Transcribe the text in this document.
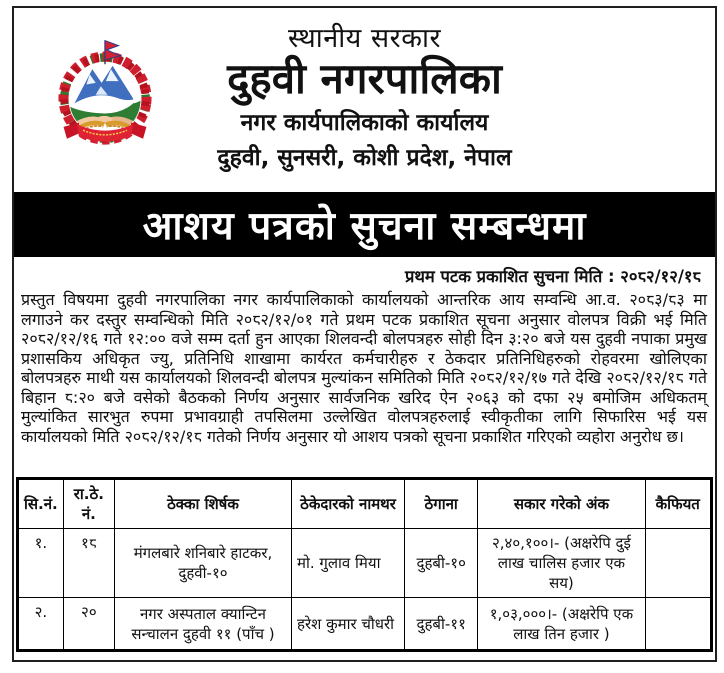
स्थानीय सरकार
दुहवी नगरपालिका
नगर कार्यपालिकाको कार्यालय
दुहवी, सुनसरी, कोशी प्रदेश, नेपाल
आशय पत्रको सुचना सम्बन्धमा
प्रथम पटक प्रकाशित सुचना मिति : २०८२/१२/१८

प्रस्तुत विषयमा दुहवी नगरपालिका नगर कार्यपालिकाको कार्यालयको आन्तरिक आय सम्वन्धि आ.व. २०८३/८३ मा लगाउने कर दस्तुर सम्वन्धिको मिति २०८२/१२/०१ गते प्रथम पटक प्रकाशित सूचना अनुसार वोलपत्र विक्री भई मिति २०८२/१२/१६ गते १२:०० वजे सम्म दर्ता हुन आएका शिलवन्दी बोलपत्रहरु सोही दिन ३:२० बजे यस दुहवी नपाका प्रमुख प्रशासकिय अधिकृत ज्यु, प्रतिनिधि शाखामा कार्यरत कर्मचारीहरु र ठेकदार प्रतिनिधिहरुको रोहवरमा खोलिएका बोलपत्रहरु माथी यस कार्यालयको शिलवन्दी बोलपत्र मुल्यांकन समितिको मिति २०८२/१२/१७ गते देखि २०८२/१२/१८ गते बिहान ८:२० बजे वसेको बैठकको निर्णय अनुसार सार्वजनिक खरिद ऐन २०६३ को दफा २५ बमोजिम अधिकतम् मुल्यांकित सारभुत रुपमा प्रभावग्राही तपसिलमा उल्लेखित वोलपत्रहरुलाई स्वीकृतीका लागि सिफारिस भई यस कार्यालयको मिति २०८२/१२/१८ गतेको निर्णय अनुसार यो आशय पत्रको सूचना प्रकाशित गरिएको व्यहोरा अनुरोध छ।

सि.नं.	रा.ठे. नं.	ठेक्का शिर्षक	ठेकेदारको नामथर	ठेगाना	सकार गरेको अंक	कैफियत
१.	१८	मंगलबारे शनिबारे हाटकर, दुहवी-१०	मो. गुलाव मिया	दुहबी-१०	२,४०,१००।- (अक्षरेपि दुई लाख चालिस हजार एक सय)	
२.	२०	नगर अस्पताल क्यान्टिन सन्चालन दुहवी ११ (पाँच )	हरेश कुमार चौधरी	दुहबी-११	१,०३,०००।- (अक्षरेपि एक लाख तिन हजार )	
